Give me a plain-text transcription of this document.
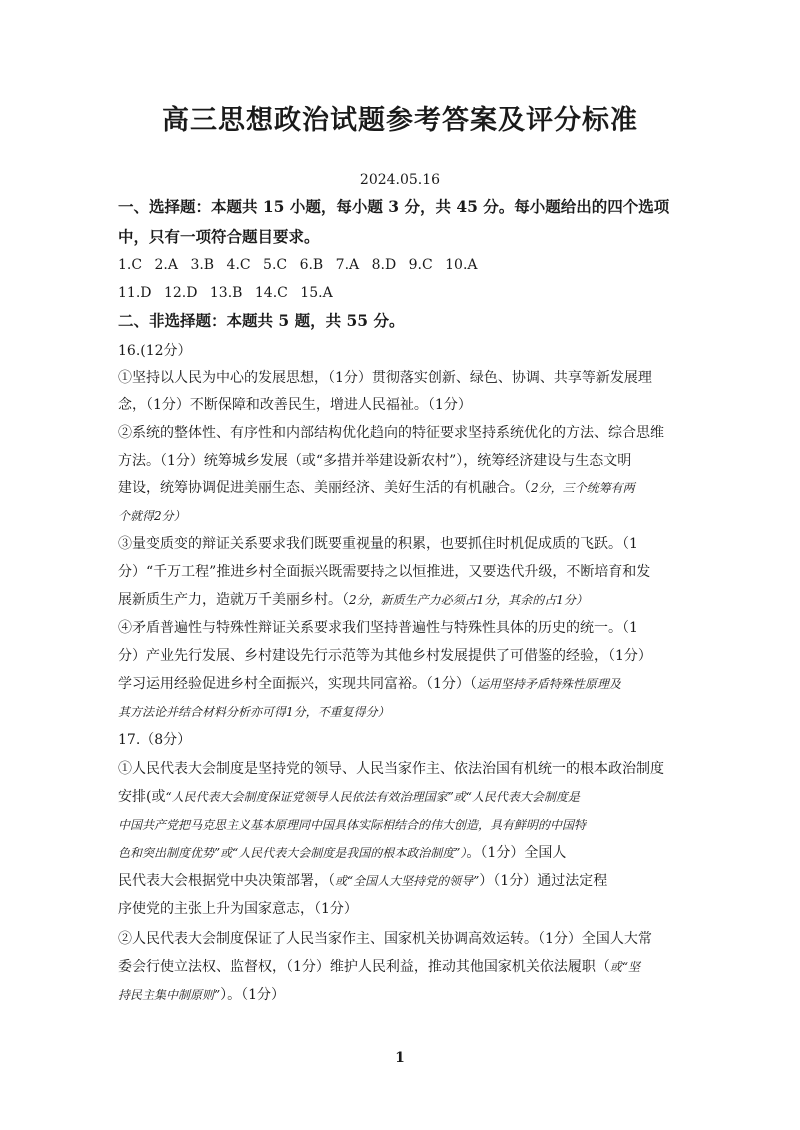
高三思想政治试题参考答案及评分标准
2024.05.16
一、选择题：本题共 15 小题，每小题 3 分，共 45 分。每小题给出的四个选项
中，只有一项符合题目要求。
1.C 2.A 3.B 4.C 5.C 6.B 7.A 8.D 9.C 10.A
11.D 12.D 13.B 14.C 15.A
二、非选择题：本题共 5 题，共 55 分。
16.(12分）
①坚持以人民为中心的发展思想，（1分）贯彻落实创新、绿色、协调、共享等新发展理
念，（1分）不断保障和改善民生，增进人民福祉。（1分）
②系统的整体性、有序性和内部结构优化趋向的特征要求坚持系统优化的方法、综合思维
方法。（1分）统筹城乡发展（或“多措并举建设新农村”），统筹经济建设与生态文明
建设，统筹协调促进美丽生态、美丽经济、美好生活的有机融合。（2分，三个统筹有两
个就得2分）
③量变质变的辩证关系要求我们既要重视量的积累，也要抓住时机促成质的飞跃。（1
分）“千万工程”推进乡村全面振兴既需要持之以恒推进，又要迭代升级，不断培育和发
展新质生产力，造就万千美丽乡村。（2分，新质生产力必须占1分，其余的占1分）
④矛盾普遍性与特殊性辩证关系要求我们坚持普遍性与特殊性具体的历史的统一。（1
分）产业先行发展、乡村建设先行示范等为其他乡村发展提供了可借鉴的经验，（1分）
学习运用经验促进乡村全面振兴，实现共同富裕。（1分）（运用坚持矛盾特殊性原理及
其方法论并结合材料分析亦可得1分，不重复得分）
17.（8分）
①人民代表大会制度是坚持党的领导、人民当家作主、依法治国有机统一的根本政治制度
安排(或“人民代表大会制度保证党领导人民依法有效治理国家”或“人民代表大会制度是
中国共产党把马克思主义基本原理同中国具体实际相结合的伟大创造，具有鲜明的中国特
色和突出制度优势”或“人民代表大会制度是我国的根本政治制度”）。（1分）全国人
民代表大会根据党中央决策部署，（或“全国人大坚持党的领导”）（1分）通过法定程
序使党的主张上升为国家意志，（1分）
②人民代表大会制度保证了人民当家作主、国家机关协调高效运转。（1分）全国人大常
委会行使立法权、监督权，（1分）维护人民利益，推动其他国家机关依法履职（或“坚
持民主集中制原则”）。（1分）
1
